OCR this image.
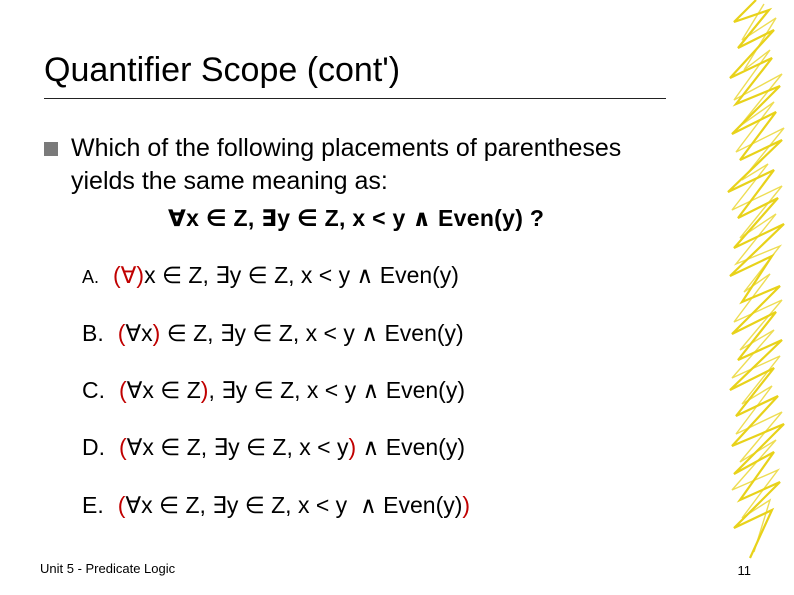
Quantifier Scope (cont')
Which of the following placements of parentheses
yields the same meaning as:
∀x ∈ Z, ∃y ∈ Z, x < y ∧ Even(y) ?
A. (∀)x ∈ Z, ∃y ∈ Z, x < y ∧ Even(y)
B. (∀x) ∈ Z, ∃y ∈ Z, x < y ∧ Even(y)
C. (∀x ∈ Z), ∃y ∈ Z, x < y ∧ Even(y)
D. (∀x ∈ Z, ∃y ∈ Z, x < y) ∧ Even(y)
E. (∀x ∈ Z, ∃y ∈ Z, x < y  ∧ Even(y))
Unit 5 - Predicate Logic	11
